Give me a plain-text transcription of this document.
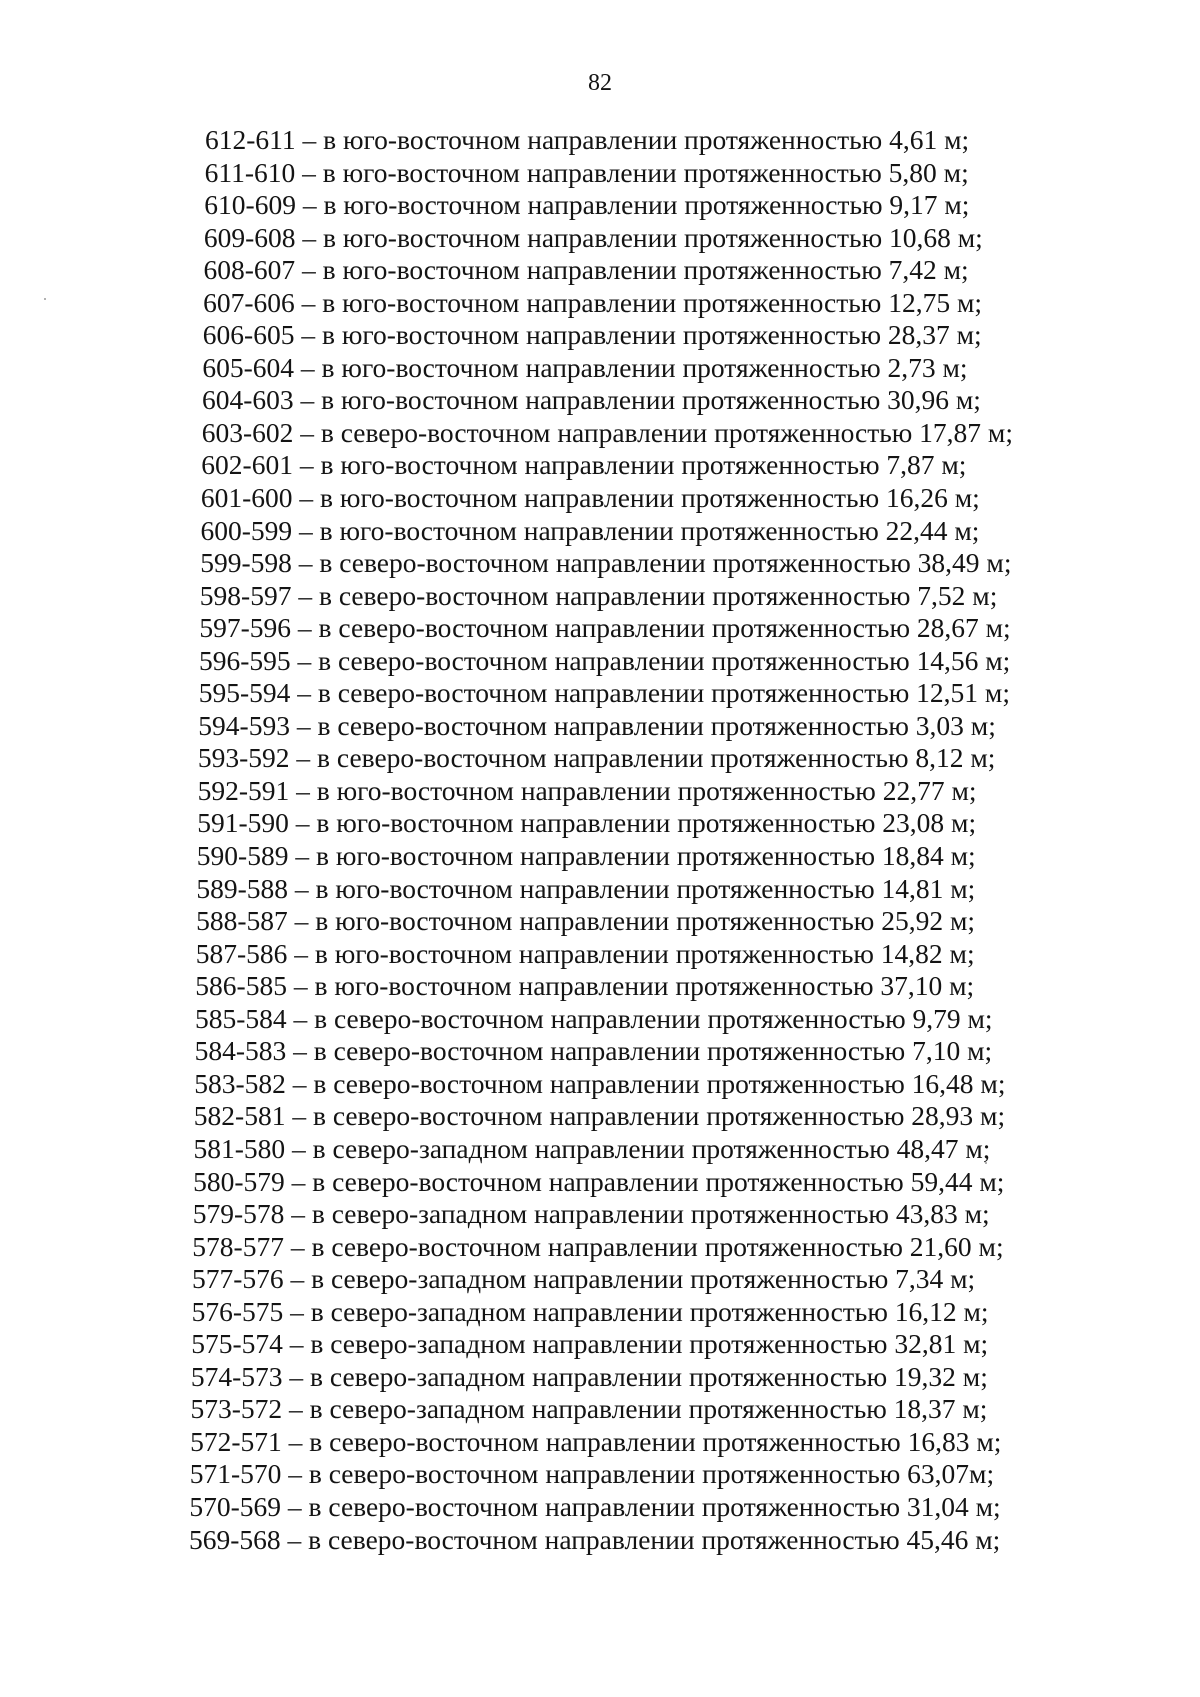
82
612-611 – в юго-восточном направлении протяженностью 4,61 м;
611-610 – в юго-восточном направлении протяженностью 5,80 м;
610-609 – в юго-восточном направлении протяженностью 9,17 м;
609-608 – в юго-восточном направлении протяженностью 10,68 м;
608-607 – в юго-восточном направлении протяженностью 7,42 м;
607-606 – в юго-восточном направлении протяженностью 12,75 м;
606-605 – в юго-восточном направлении протяженностью 28,37 м;
605-604 – в юго-восточном направлении протяженностью 2,73 м;
604-603 – в юго-восточном направлении протяженностью 30,96 м;
603-602 – в северо-восточном направлении протяженностью 17,87 м;
602-601 – в юго-восточном направлении протяженностью 7,87 м;
601-600 – в юго-восточном направлении протяженностью 16,26 м;
600-599 – в юго-восточном направлении протяженностью 22,44 м;
599-598 – в северо-восточном направлении протяженностью 38,49 м;
598-597 – в северо-восточном направлении протяженностью 7,52 м;
597-596 – в северо-восточном направлении протяженностью 28,67 м;
596-595 – в северо-восточном направлении протяженностью 14,56 м;
595-594 – в северо-восточном направлении протяженностью 12,51 м;
594-593 – в северо-восточном направлении протяженностью 3,03 м;
593-592 – в северо-восточном направлении протяженностью 8,12 м;
592-591 – в юго-восточном направлении протяженностью 22,77 м;
591-590 – в юго-восточном направлении протяженностью 23,08 м;
590-589 – в юго-восточном направлении протяженностью 18,84 м;
589-588 – в юго-восточном направлении протяженностью 14,81 м;
588-587 – в юго-восточном направлении протяженностью 25,92 м;
587-586 – в юго-восточном направлении протяженностью 14,82 м;
586-585 – в юго-восточном направлении протяженностью 37,10 м;
585-584 – в северо-восточном направлении протяженностью 9,79 м;
584-583 – в северо-восточном направлении протяженностью 7,10 м;
583-582 – в северо-восточном направлении протяженностью 16,48 м;
582-581 – в северо-восточном направлении протяженностью 28,93 м;
581-580 – в северо-западном направлении протяженностью 48,47 м;
580-579 – в северо-восточном направлении протяженностью 59,44 м;
579-578 – в северо-западном направлении протяженностью 43,83 м;
578-577 – в северо-восточном направлении протяженностью 21,60 м;
577-576 – в северо-западном направлении протяженностью 7,34 м;
576-575 – в северо-западном направлении протяженностью 16,12 м;
575-574 – в северо-западном направлении протяженностью 32,81 м;
574-573 – в северо-западном направлении протяженностью 19,32 м;
573-572 – в северо-западном направлении протяженностью 18,37 м;
572-571 – в северо-восточном направлении протяженностью 16,83 м;
571-570 – в северо-восточном направлении протяженностью 63,07м;
570-569 – в северо-восточном направлении протяженностью 31,04 м;
569-568 – в северо-восточном направлении протяженностью 45,46 м;
